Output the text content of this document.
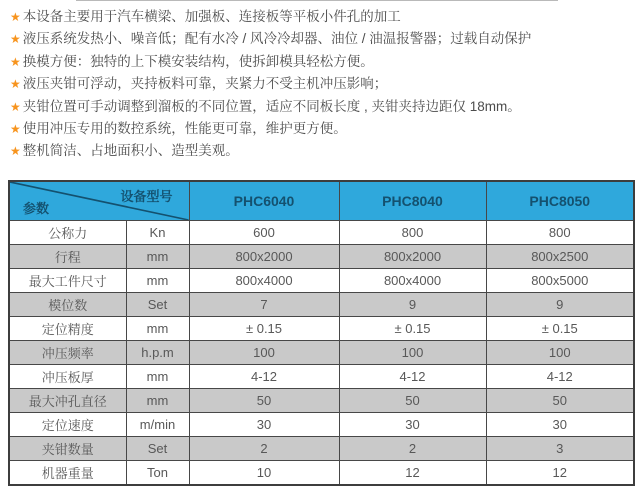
★ 本设备主要用于汽车横梁、加强板、连接板等平板小件孔的加工
★ 液压系统发热小、噪音低；配有水冷 / 风冷冷却器、油位 / 油温报警器；过载自动保护
★ 换模方便：独特的上下模安装结构，使拆卸模具轻松方便。
★ 液压夹钳可浮动，夹持板料可靠，夹紧力不受主机冲压影响；
★ 夹钳位置可手动调整到溜板的不同位置，适应不同板长度 , 夹钳夹持边距仅 18mm。
★ 使用冲压专用的数控系统，性能更可靠，维护更方便。
★ 整机简洁、占地面积小、造型美观。
设备型号
参数		PHC6040	PHC8040	PHC8050
公称力	Kn	600	800	800
行程	mm	800x2000	800x2000	800x2500
最大工件尺寸	mm	800x4000	800x4000	800x5000
模位数	Set	7	9	9
定位精度	mm	± 0.15	± 0.15	± 0.15
冲压频率	h.p.m	100	100	100
冲压板厚	mm	4-12	4-12	4-12
最大冲孔直径	mm	50	50	50
定位速度	m/min	30	30	30
夹钳数量	Set	2	2	3
机器重量	Ton	10	12	12
